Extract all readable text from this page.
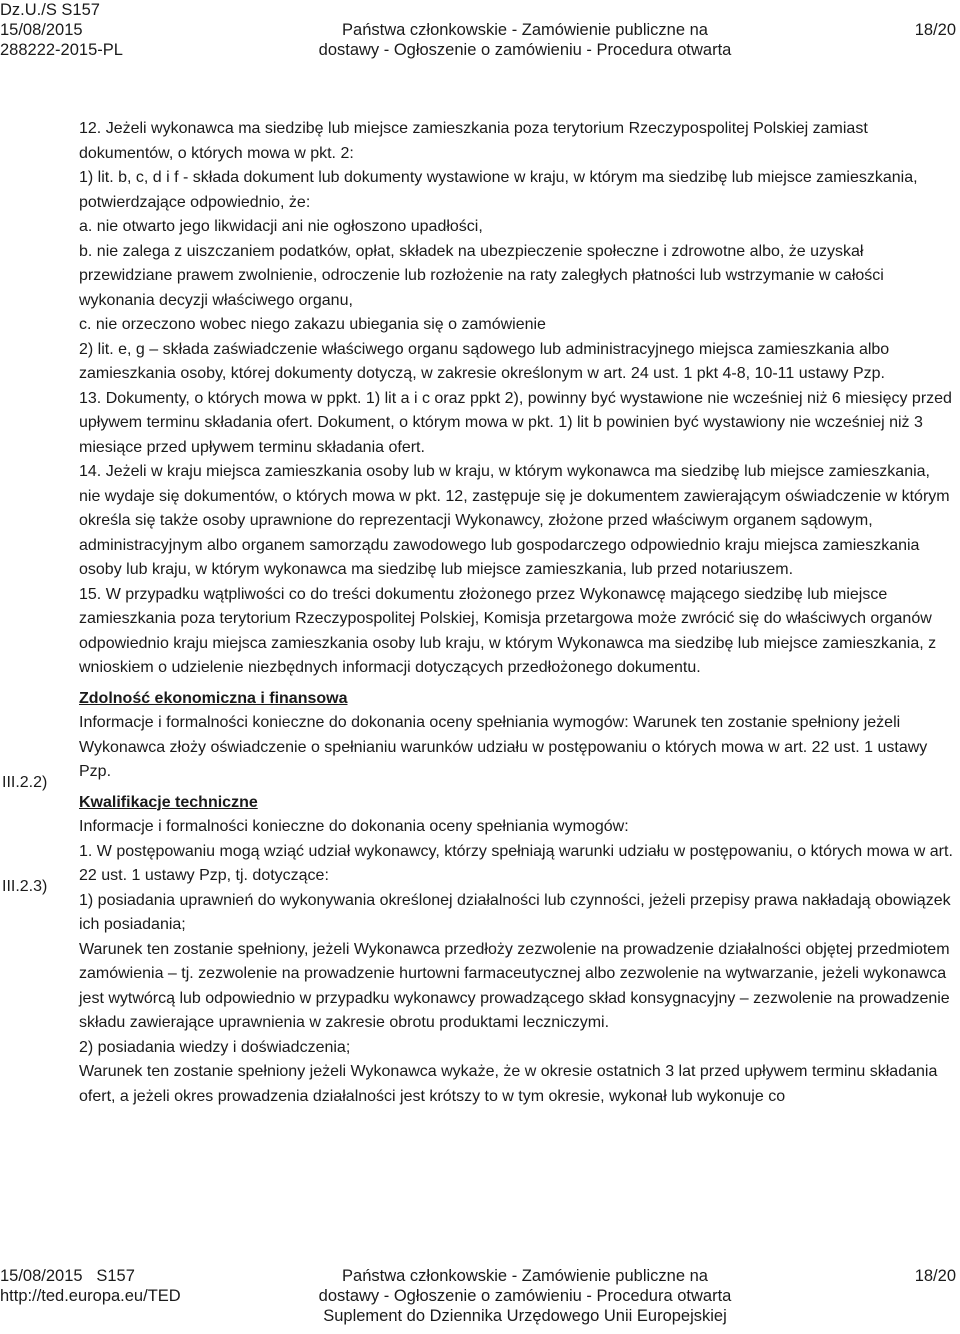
Dz.U./S S157
15/08/2015
288222-2015-PL
Państwa członkowskie - Zamówienie publiczne na
dostawy - Ogłoszenie o zamówieniu - Procedura otwarta
18/20
III.2.2)
III.2.3)

12. Jeżeli wykonawca ma siedzibę lub miejsce zamieszkania poza terytorium Rzeczypospolitej Polskiej zamiast dokumentów, o których mowa w pkt. 2:

1) lit. b, c, d i f - składa dokument lub dokumenty wystawione w kraju, w którym ma siedzibę lub miejsce zamieszkania, potwierdzające odpowiednio, że:

a. nie otwarto jego likwidacji ani nie ogłoszono upadłości,

b. nie zalega z uiszczaniem podatków, opłat, składek na ubezpieczenie społeczne i zdrowotne albo, że uzyskał przewidziane prawem zwolnienie, odroczenie lub rozłożenie na raty zaległych płatności lub wstrzymanie w całości wykonania decyzji właściwego organu,

c. nie orzeczono wobec niego zakazu ubiegania się o zamówienie

2) lit. e, g – składa zaświadczenie właściwego organu sądowego lub administracyjnego miejsca zamieszkania albo zamieszkania osoby, której dokumenty dotyczą, w zakresie określonym w art. 24 ust. 1 pkt 4-8, 10-11 ustawy Pzp.

13. Dokumenty, o których mowa w ppkt. 1) lit a i c oraz ppkt 2), powinny być wystawione nie wcześniej niż 6 miesięcy przed upływem terminu składania ofert. Dokument, o którym mowa w pkt. 1) lit b powinien być wystawiony nie wcześniej niż 3 miesiące przed upływem terminu składania ofert.

14. Jeżeli w kraju miejsca zamieszkania osoby lub w kraju, w którym wykonawca ma siedzibę lub miejsce zamieszkania, nie wydaje się dokumentów, o których mowa w pkt. 12, zastępuje się je dokumentem zawierającym oświadczenie w którym określa się także osoby uprawnione do reprezentacji Wykonawcy, złożone przed właściwym organem sądowym, administracyjnym albo organem samorządu zawodowego lub gospodarczego odpowiednio kraju miejsca zamieszkania osoby lub kraju, w którym wykonawca ma siedzibę lub miejsce zamieszkania, lub przed notariuszem.

15. W przypadku wątpliwości co do treści dokumentu złożonego przez Wykonawcę mającego siedzibę lub miejsce zamieszkania poza terytorium Rzeczypospolitej Polskiej, Komisja przetargowa może zwrócić się do właściwych organów odpowiednio kraju miejsca zamieszkania osoby lub kraju, w którym Wykonawca ma siedzibę lub miejsce zamieszkania, z wnioskiem o udzielenie niezbędnych informacji dotyczących przedłożonego dokumentu.

Zdolność ekonomiczna i finansowa

Informacje i formalności konieczne do dokonania oceny spełniania wymogów: Warunek ten zostanie spełniony jeżeli Wykonawca złoży oświadczenie o spełnianiu warunków udziału w postępowaniu o których mowa w art. 22 ust. 1 ustawy Pzp.

Kwalifikacje techniczne

Informacje i formalności konieczne do dokonania oceny spełniania wymogów:

1. W postępowaniu mogą wziąć udział wykonawcy, którzy spełniają warunki udziału w postępowaniu, o których mowa w art. 22 ust. 1 ustawy Pzp, tj. dotyczące:

1) posiadania uprawnień do wykonywania określonej działalności lub czynności, jeżeli przepisy prawa nakładają obowiązek ich posiadania;

Warunek ten zostanie spełniony, jeżeli Wykonawca przedłoży zezwolenie na prowadzenie działalności objętej przedmiotem zamówienia – tj. zezwolenie na prowadzenie hurtowni farmaceutycznej albo zezwolenie na wytwarzanie, jeżeli wykonawca jest wytwórcą lub odpowiednio w przypadku wykonawcy prowadzącego skład konsygnacyjny – zezwolenie na prowadzenie składu zawierające uprawnienia w zakresie obrotu produktami leczniczymi.

2) posiadania wiedzy i doświadczenia;

Warunek ten zostanie spełniony jeżeli Wykonawca wykaże, że w okresie ostatnich 3 lat przed upływem terminu składania ofert, a jeżeli okres prowadzenia działalności jest krótszy to w tym okresie, wykonał lub wykonuje co

15/08/2015   S157
http://ted.europa.eu/TED
Państwa członkowskie - Zamówienie publiczne na
dostawy - Ogłoszenie o zamówieniu - Procedura otwarta
Suplement do Dziennika Urzędowego Unii Europejskiej
18/20
